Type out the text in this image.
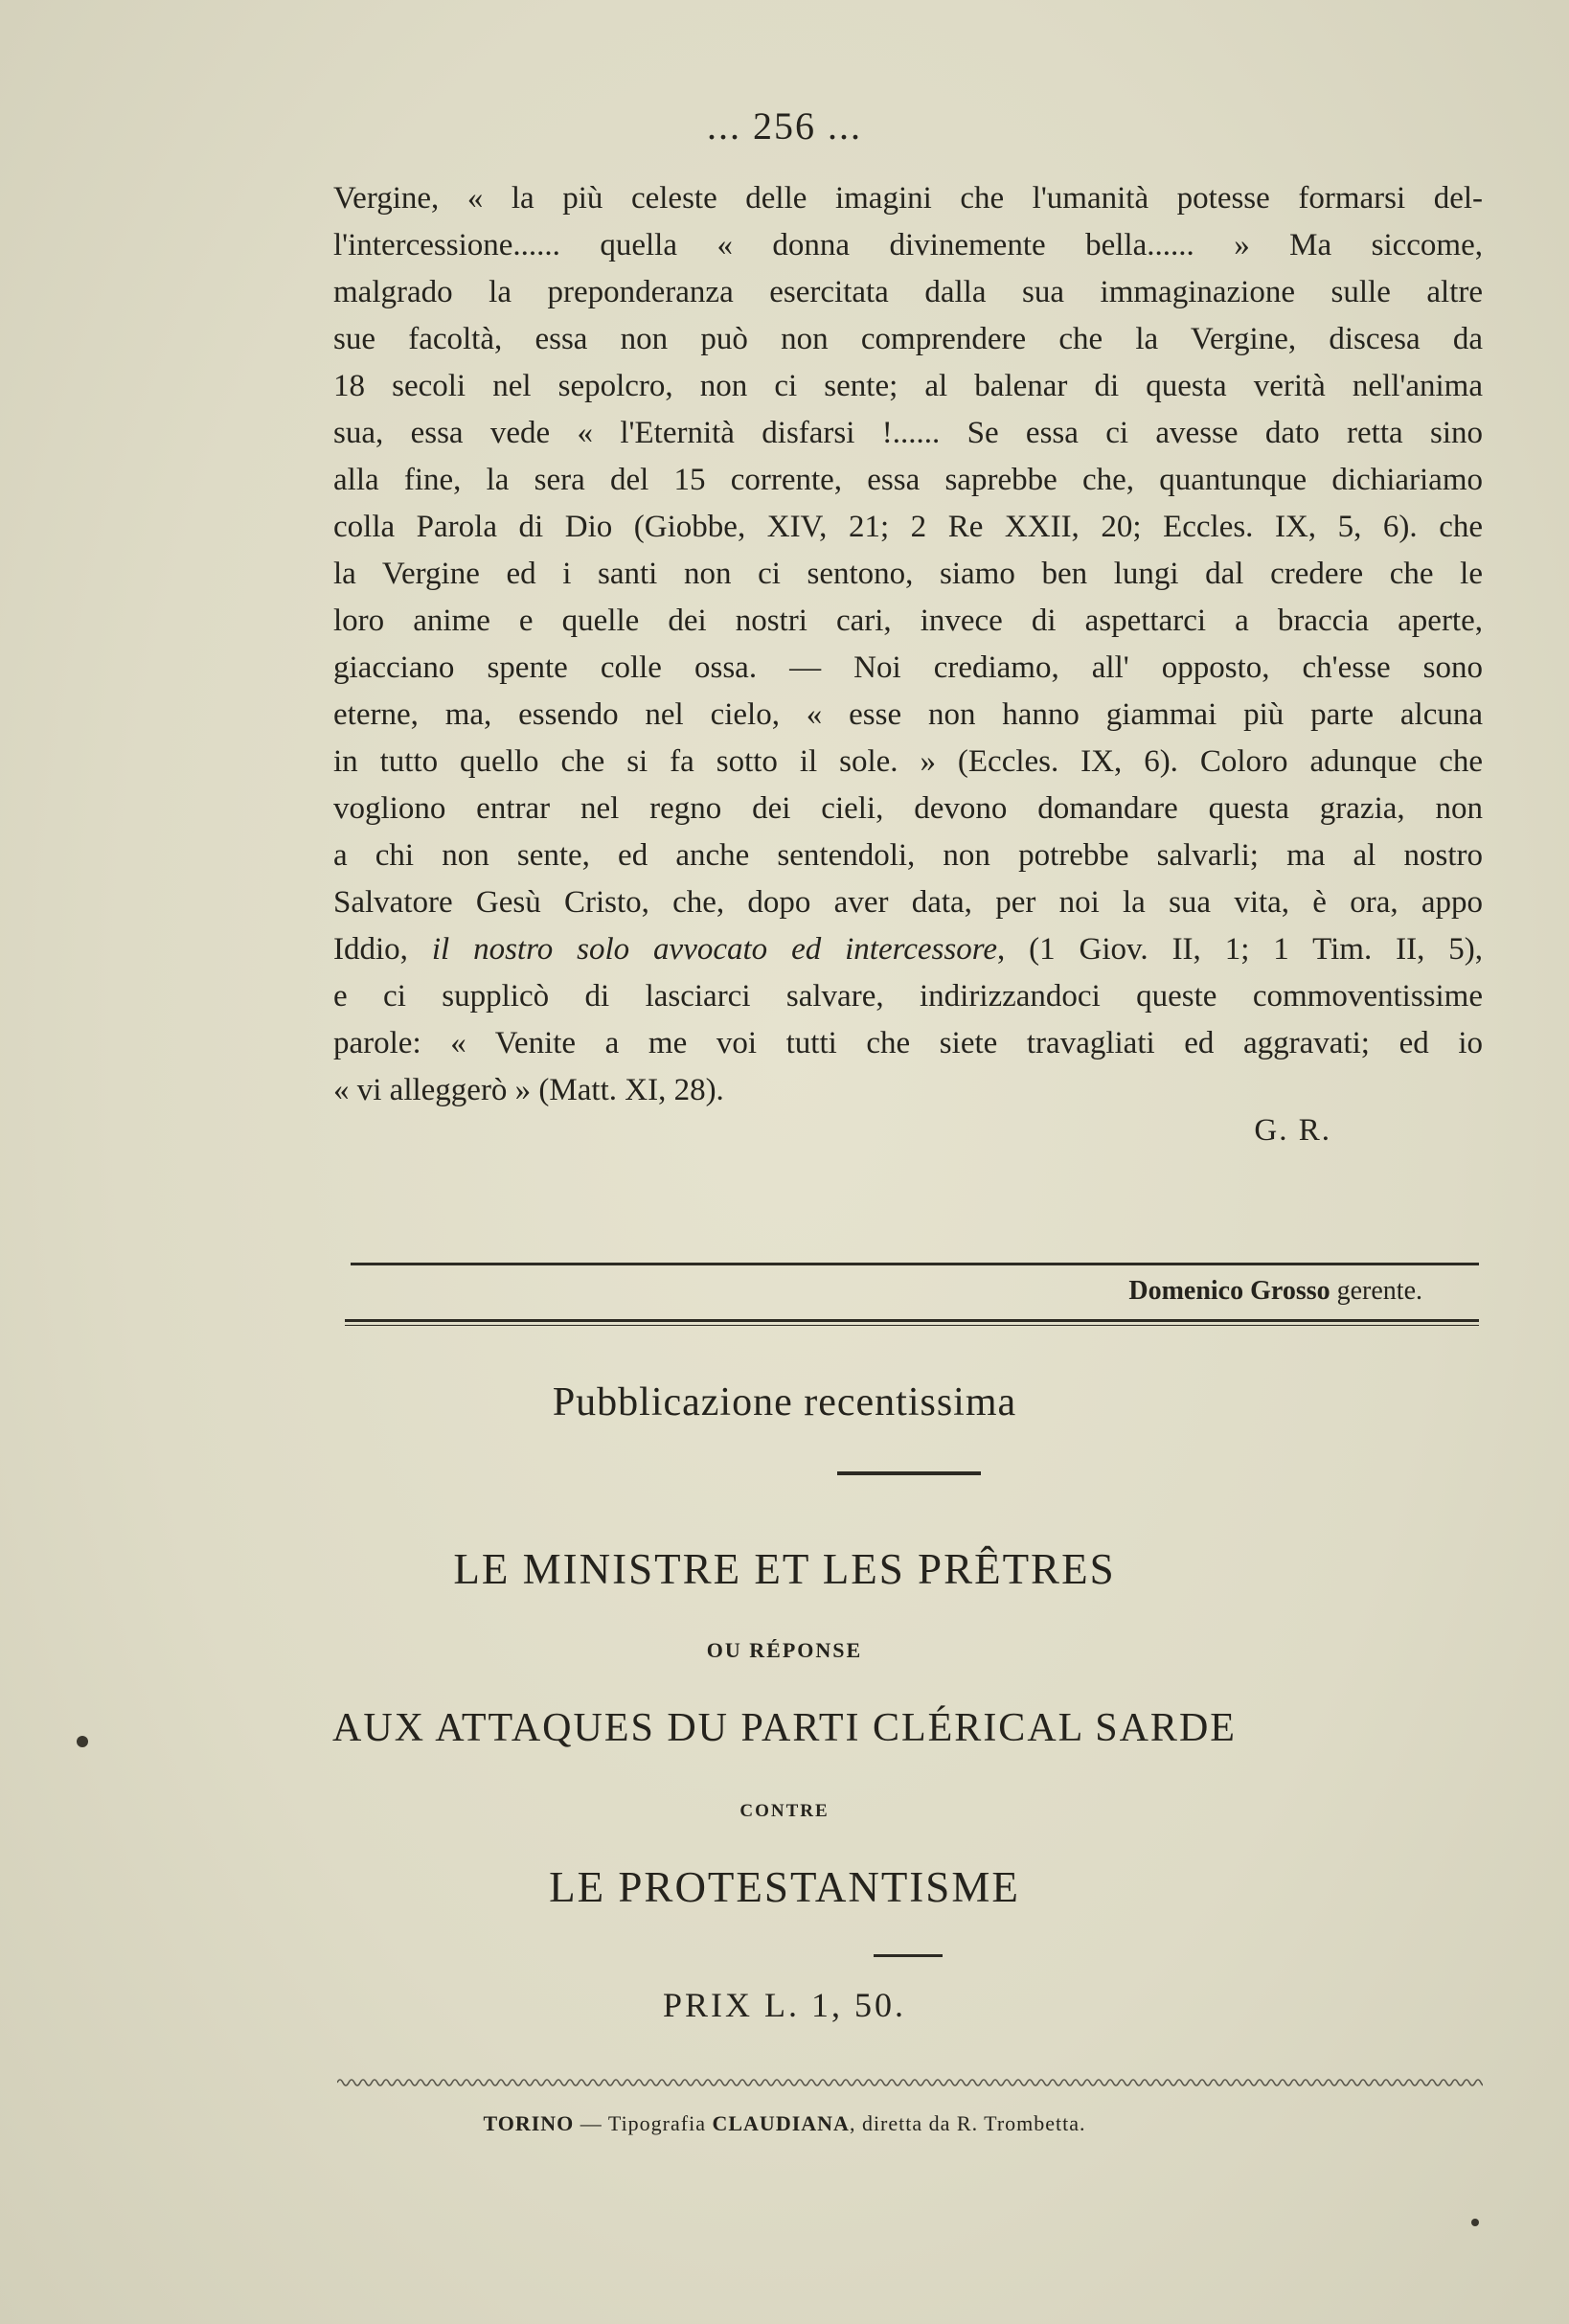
... 256 ...
Vergine, « la più celeste delle imagini che l'umanità potesse formarsi del-
l'intercessione...... quella « donna divinemente bella...... » Ma siccome,
malgrado la preponderanza esercitata dalla sua immaginazione sulle altre
sue facoltà, essa non può non comprendere che la Vergine, discesa da
18 secoli nel sepolcro, non ci sente; al balenar di questa verità nell'anima
sua, essa vede « l'Eternità disfarsi !...... Se essa ci avesse dato retta sino
alla fine, la sera del 15 corrente, essa saprebbe che, quantunque dichiariamo
colla Parola di Dio (Giobbe, XIV, 21; 2 Re XXII, 20; Eccles. IX, 5, 6). che
la Vergine ed i santi non ci sentono, siamo ben lungi dal credere che le
loro anime e quelle dei nostri cari, invece di aspettarci a braccia aperte,
giacciano spente colle ossa. — Noi crediamo, all' opposto, ch'esse sono
eterne, ma, essendo nel cielo, « esse non hanno giammai più parte alcuna
in tutto quello che si fa sotto il sole. » (Eccles. IX, 6). Coloro adunque che
vogliono entrar nel regno dei cieli, devono domandare questa grazia, non
a chi non sente, ed anche sentendoli, non potrebbe salvarli; ma al nostro
Salvatore Gesù Cristo, che, dopo aver data, per noi la sua vita, è ora, appo
Iddio, il nostro solo avvocato ed intercessore, (1 Giov. II, 1; 1 Tim. II, 5),
e ci supplicò di lasciarci salvare, indirizzandoci queste commoventissime
parole: « Venite a me voi tutti che siete travagliati ed aggravati; ed io
« vi alleggerò » (Matt. XI, 28).
G. R.
Domenico Grosso gerente.
Pubblicazione recentissima
LE MINISTRE ET LES PRÊTRES
OU RÉPONSE
AUX ATTAQUES DU PARTI CLÉRICAL SARDE
CONTRE
LE PROTESTANTISME
PRIX L. 1, 50.
TORINO — Tipografia CLAUDIANA, diretta da R. Trombetta.
